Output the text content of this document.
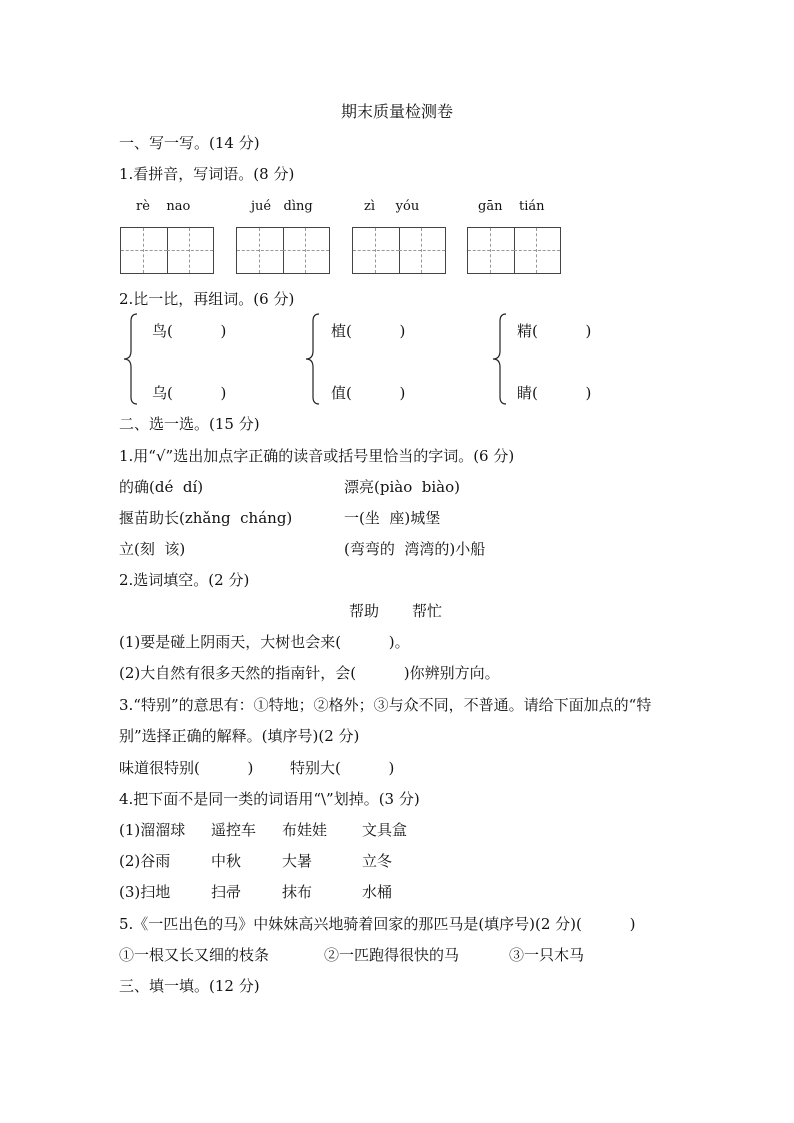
期末质量检测卷
一、写一写。(14 分)
1.看拼音，写词语。(8 分)
rè    nao	jué   dìng	zì     yóu	gān    tián
2.比一比，再组词。(6 分)
鸟(          )
乌(          )
植(          )
值(          )
精(          )
睛(          )
二、选一选。(15 分)
1.用“√”选出加点字正确的读音或括号里恰当的字词。(6 分)
的确(dé  dí)	漂亮(piào  biào)
揠苗助长(zhǎng  cháng)	一(坐  座)城堡
立(刻  该)	(弯弯的  湾湾的)小船
2.选词填空。(2 分)
帮助 帮忙
(1)要是碰上阴雨天，大树也会来(          )。
(2)大自然有很多天然的指南针，会(          )你辨别方向。
3.“特别”的意思有：①特地；②格外；③与众不同，不普通。请给下面加点的“特
别”选择正确的解释。(填序号)(2 分)
味道很特别(          ) 特别大(          )
4.把下面不是同一类的词语用“\”划掉。(3 分)
(1)溜溜球 遥控车 布娃娃 文具盒
(2)谷雨	中秋	大暑	立冬
(3)扫地	扫帚	抹布	水桶
5.《一匹出色的马》中妹妹高兴地骑着回家的那匹马是(填序号)(2 分)(          )
①一根又长又细的枝条	②一匹跑得很快的马	③一只木马
三、填一填。(12 分)
